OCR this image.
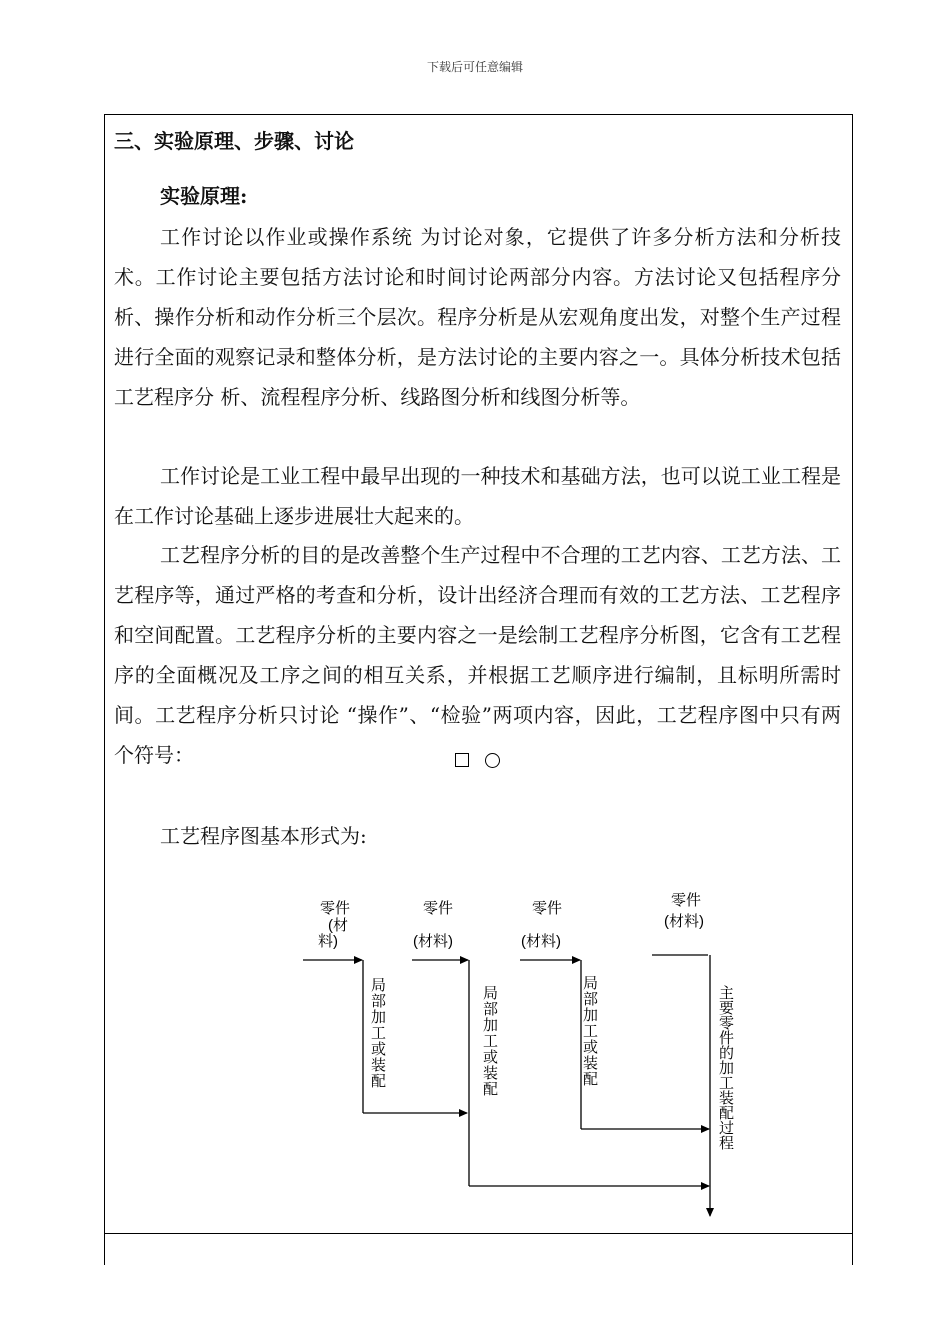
下载后可任意编辑
三、实验原理、步骤、讨论
实验原理:
工作讨论以作业或操作系统 为讨论对象，它提供了许多分析方法和分析技术。工作讨论主要包括方法讨论和时间讨论两部分内容。方法讨论又包括程序分析、操作分析和动作分析三个层次。程序分析是从宏观角度出发，对整个生产过程进行全面的观察记录和整体分析，是方法讨论的主要内容之一。具体分析技术包括工艺程序分 析、流程程序分析、线路图分析和线图分析等。
工作讨论是工业工程中最早出现的一种技术和基础方法，也可以说工业工程是在工作讨论基础上逐步进展壮大起来的。
工艺程序分析的目的是改善整个生产过程中不合理的工艺内容、工艺方法、工艺程序等，通过严格的考查和分析，设计出经济合理而有效的工艺方法、工艺程序和空间配置。工艺程序分析的主要内容之一是绘制工艺程序分析图，它含有工艺程序的全面概况及工序之间的相互关系，并根据工艺顺序进行编制，且标明所需时间。工艺程序分析只讨论 “操作”、“检验”两项内容，因此，工艺程序图中只有两个符号：
工艺程序图基本形式为:
零件
(材
料)
零件
(材料)
零件
(材料)
零件
(材料)
局部加工或装配	局部加工或装配	局部加工或装配	主要零件的加工装配过程
